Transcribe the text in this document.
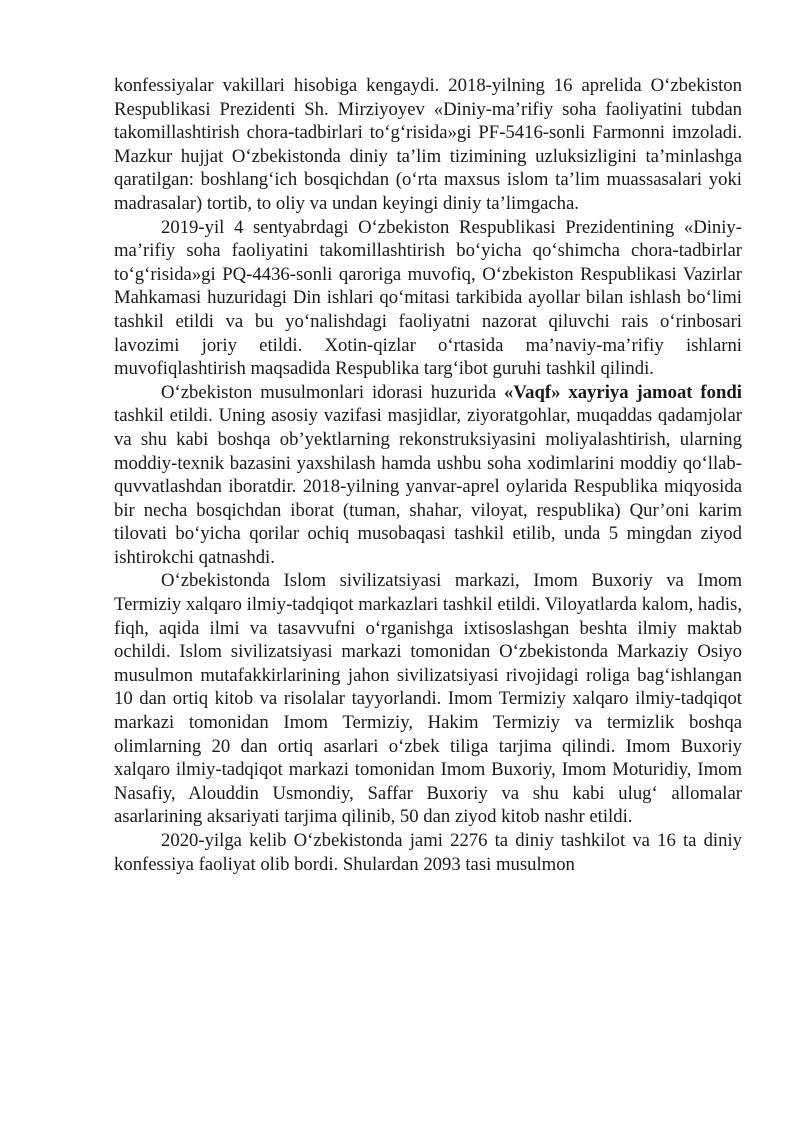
konfessiyalar vakillari hisobiga kengaydi. 2018-yilning 16 aprelida O‘zbekiston Respublikasi Prezidenti Sh. Mirziyoyev «Diniy-ma’rifiy soha faoliyatini tubdan takomillashtirish chora-tadbirlari to‘g‘risida»gi PF-5416-sonli Farmonni imzoladi. Mazkur hujjat O‘zbekistonda diniy ta’lim tizimining uzluksizligini ta’minlashga qaratilgan: boshlang‘ich bosqichdan (o‘rta maxsus islom ta’lim muassasalari yoki madrasalar) tortib, to oliy va undan keyingi diniy ta’limgacha.

2019-yil 4 sentyabrdagi O‘zbekiston Respublikasi Prezidentining «Diniy-ma’rifiy soha faoliyatini takomillashtirish bo‘yicha qo‘shimcha chora-tadbirlar to‘g‘risida»gi PQ-4436-sonli qaroriga muvofiq, O‘zbekiston Respublikasi Vazirlar Mahkamasi huzuridagi Din ishlari qo‘mitasi tarkibida ayollar bilan ishlash bo‘limi tashkil etildi va bu yo‘nalishdagi faoliyatni nazorat qiluvchi rais o‘rinbosari lavozimi joriy etildi. Xotin-qizlar o‘rtasida ma’naviy-ma’rifiy ishlarni muvofiqlashtirish maqsadida Respublika targ‘ibot guruhi tashkil qilindi.

O‘zbekiston musulmonlari idorasi huzurida «Vaqf» xayriya jamoat fondi tashkil etildi. Uning asosiy vazifasi masjidlar, ziyoratgohlar, muqaddas qadamjolar va shu kabi boshqa ob’yektlarning rekonstruksiyasini moliyalashtirish, ularning moddiy-texnik bazasini yaxshilash hamda ushbu soha xodimlarini moddiy qo‘llab-quvvatlashdan iboratdir. 2018-yilning yanvar-aprel oylarida Respublika miqyosida bir necha bosqichdan iborat (tuman, shahar, viloyat, respublika) Qur’oni karim tilovati bo‘yicha qorilar ochiq musobaqasi tashkil etilib, unda 5 mingdan ziyod ishtirokchi qatnashdi.

O‘zbekistonda Islom sivilizatsiyasi markazi, Imom Buxoriy va Imom Termiziy xalqaro ilmiy-tadqiqot markazlari tashkil etildi. Viloyatlarda kalom, hadis, fiqh, aqida ilmi va tasavvufni o‘rganishga ixtisoslashgan beshta ilmiy maktab ochildi. Islom sivilizatsiyasi markazi tomonidan O‘zbekistonda Markaziy Osiyo musulmon mutafakkirlarining jahon sivilizatsiyasi rivojidagi roliga bag‘ishlangan 10 dan ortiq kitob va risolalar tayyorlandi. Imom Termiziy xalqaro ilmiy-tadqiqot markazi tomonidan Imom Termiziy, Hakim Termiziy va termizlik boshqa olimlarning 20 dan ortiq asarlari o‘zbek tiliga tarjima qilindi. Imom Buxoriy xalqaro ilmiy-tadqiqot markazi tomonidan Imom Buxoriy, Imom Moturidiy, Imom Nasafiy, Alouddin Usmondiy, Saffar Buxoriy va shu kabi ulug‘ allomalar asarlarining aksariyati tarjima qilinib, 50 dan ziyod kitob nashr etildi.

2020-yilga kelib O‘zbekistonda jami 2276 ta diniy tashkilot va 16 ta diniy konfessiya faoliyat olib bordi. Shulardan 2093 tasi musulmon
